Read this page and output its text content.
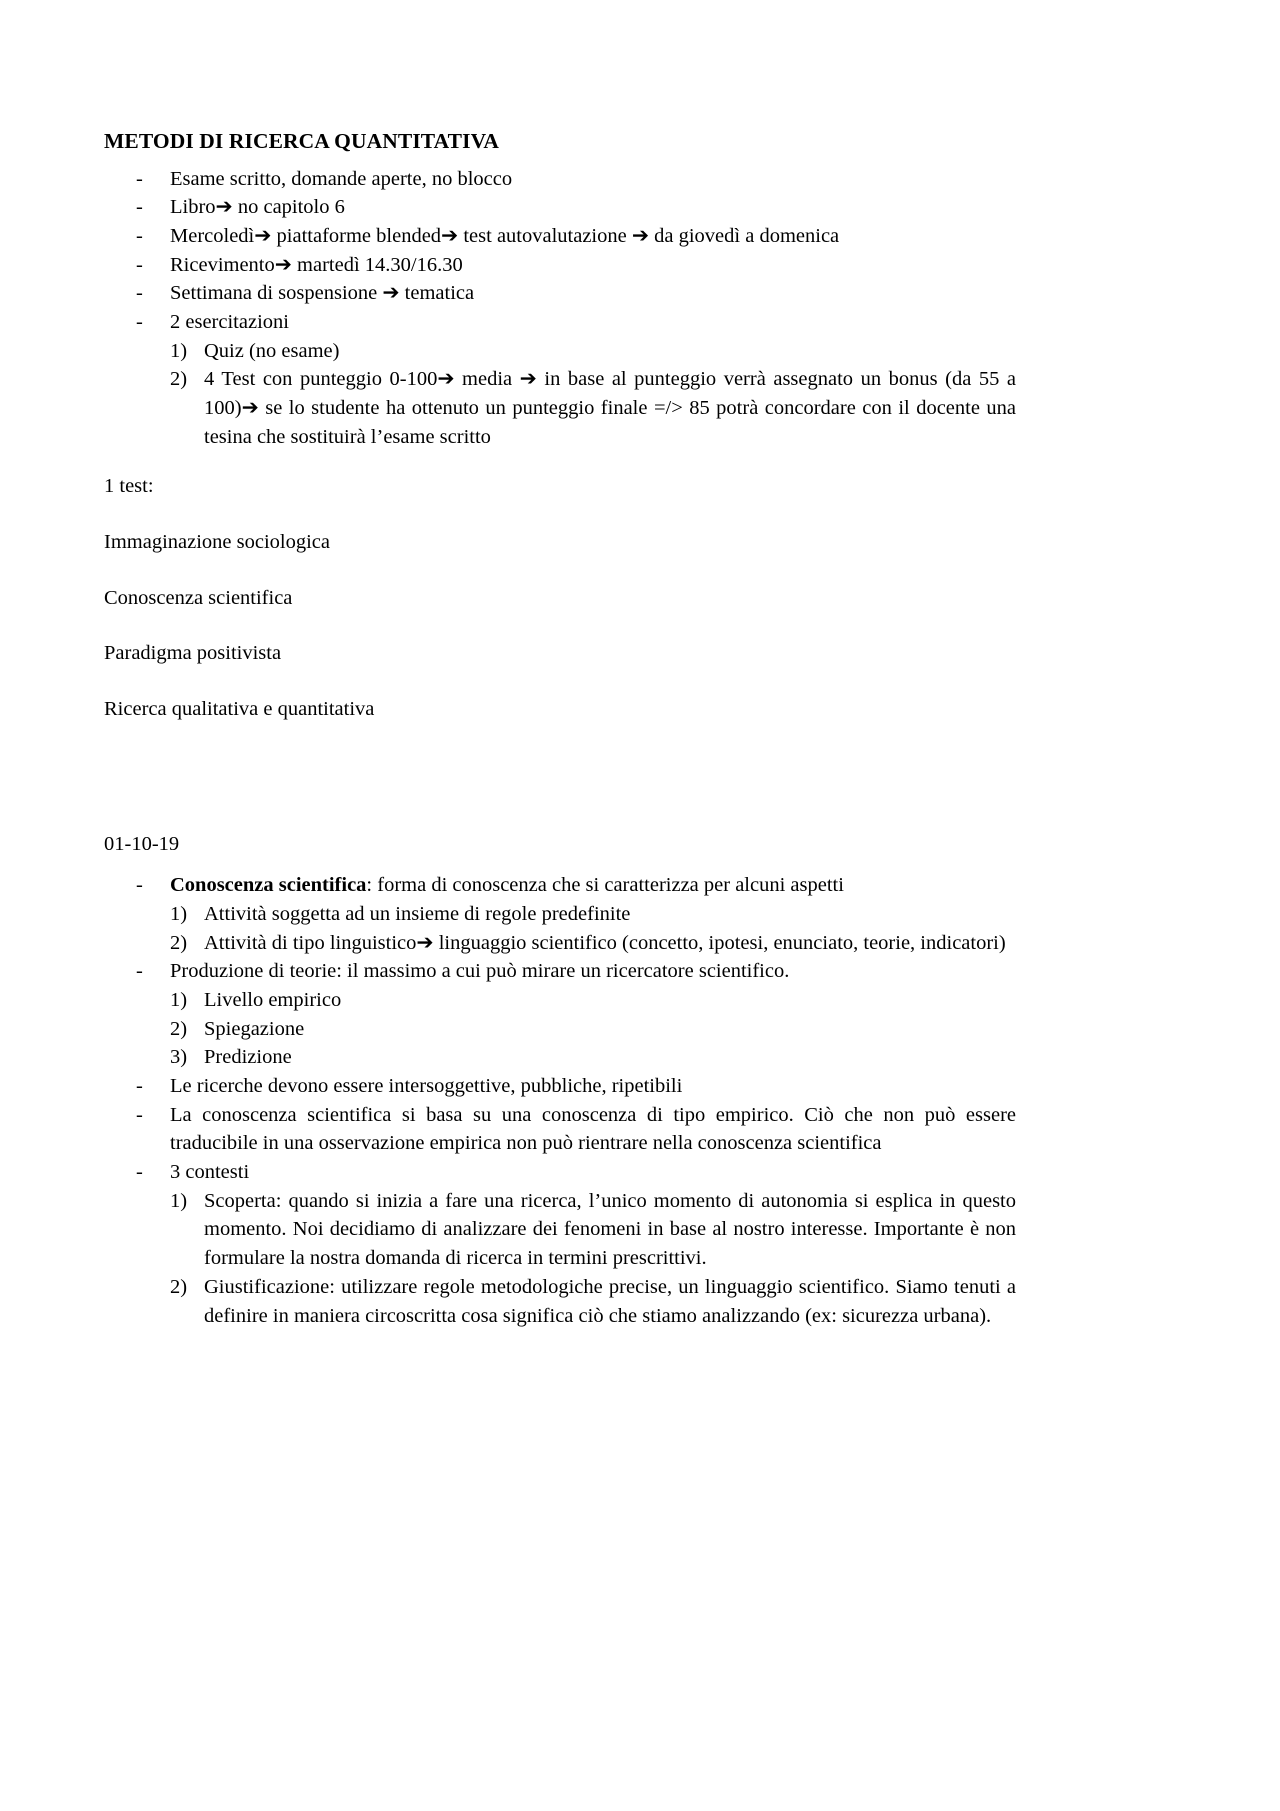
METODI DI RICERCA QUANTITATIVA
- Esame scritto, domande aperte, no blocco
- Libro➔ no capitolo 6
- Mercoledì➔ piattaforme blended➔ test autovalutazione ➔ da giovedì a domenica
- Ricevimento➔ martedì 14.30/16.30
- Settimana di sospensione ➔ tematica
- 2 esercitazioni
1) Quiz (no esame)
2) 4 Test con punteggio 0-100➔ media ➔ in base al punteggio verrà assegnato un bonus (da 55 a 100)➔ se lo studente ha ottenuto un punteggio finale =/> 85 potrà concordare con il docente una tesina che sostituirà l’esame scritto

1 test:

Immaginazione sociologica

Conoscenza scientifica

Paradigma positivista

Ricerca qualitativa e quantitativa

01-10-19

- Conoscenza scientifica: forma di conoscenza che si caratterizza per alcuni aspetti
1) Attività soggetta ad un insieme di regole predefinite
2) Attività di tipo linguistico➔ linguaggio scientifico (concetto, ipotesi, enunciato, teorie, indicatori)
- Produzione di teorie: il massimo a cui può mirare un ricercatore scientifico.
1) Livello empirico
2) Spiegazione
3) Predizione
- Le ricerche devono essere intersoggettive, pubbliche, ripetibili
- La conoscenza scientifica si basa su una conoscenza di tipo empirico. Ciò che non può essere traducibile in una osservazione empirica non può rientrare nella conoscenza scientifica
- 3 contesti
1) Scoperta: quando si inizia a fare una ricerca, l’unico momento di autonomia si esplica in questo momento. Noi decidiamo di analizzare dei fenomeni in base al nostro interesse. Importante è non formulare la nostra domanda di ricerca in termini prescrittivi.
2) Giustificazione: utilizzare regole metodologiche precise, un linguaggio scientifico. Siamo tenuti a definire in maniera circoscritta cosa significa ciò che stiamo analizzando (ex: sicurezza urbana).
